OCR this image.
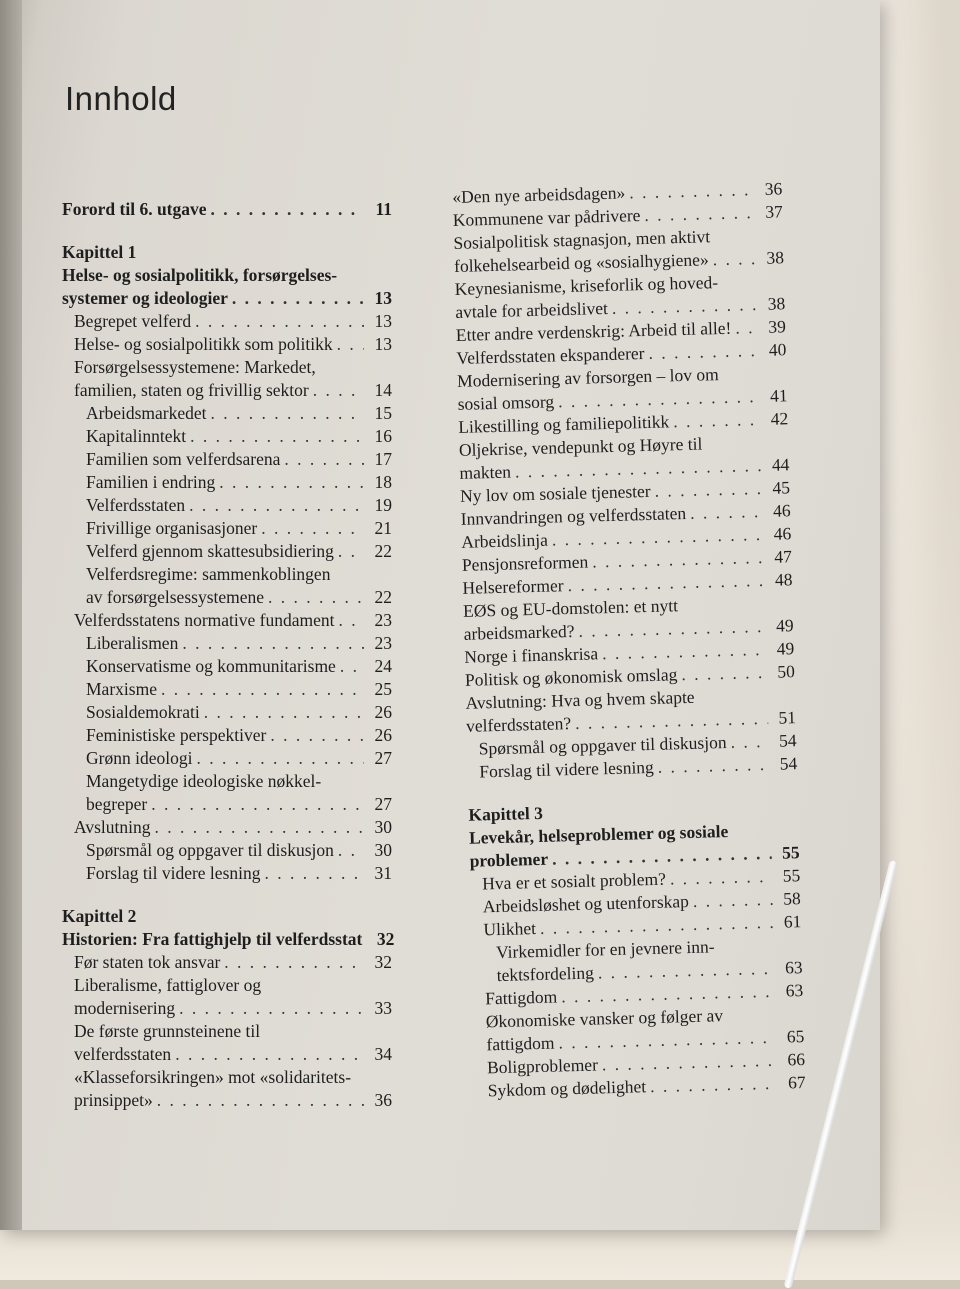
Innhold
Forord til 6. utgave . . .	11
Kapittel 1
Helse- og sosialpolitikk, forsørgelses-
systemer og ideologier . . .	13
Begrepet velferd . . .	13
Helse- og sosialpolitikk som politikk . . .	13
Forsørgelsessystemene: Markedet,
familien, staten og frivillig sektor . . .	14
Arbeidsmarkedet . . .	15
Kapitalinntekt . . .	16
Familien som velferdsarena . . .	17
Familien i endring . . .	18
Velferdsstaten . . .	19
Frivillige organisasjoner . . .	21
Velferd gjennom skattesubsidiering . . .	22
Velferdsregime: sammenkoblingen
av forsørgelsessystemene . . .	22
Velferdsstatens normative fundament . . .	23
Liberalismen . . .	23
Konservatisme og kommunitarisme . . .	24
Marxisme . . .	25
Sosialdemokrati . . .	26
Feministiske perspektiver . . .	26
Grønn ideologi . . .	27
Mangetydige ideologiske nøkkel-
begreper . . .	27
Avslutning . . .	30
Spørsmål og oppgaver til diskusjon . . .	30
Forslag til videre lesning . . .	31
Kapittel 2
Historien: Fra fattighjelp til velferdsstat 32
Før staten tok ansvar . . .	32
Liberalisme, fattiglover og
modernisering . . .	33
De første grunnsteinene til
velferdsstaten . . .	34
«Klasseforsikringen» mot «solidaritets-
prinsippet» . . .	36
«Den nye arbeidsdagen» . . .	36
Kommunene var pådrivere . . .	37
Sosialpolitisk stagnasjon, men aktivt
folkehelsearbeid og «sosialhygiene» . . .	38
Keynesianisme, kriseforlik og hoved-
avtale for arbeidslivet . . .	38
Etter andre verdenskrig: Arbeid til alle! . . .	39
Velferdsstaten ekspanderer . . .	40
Modernisering av forsorgen – lov om
sosial omsorg . . .	41
Likestilling og familiepolitikk . . .	42
Oljekrise, vendepunkt og Høyre til
makten . . .	44
Ny lov om sosiale tjenester . . .	45
Innvandringen og velferdsstaten . . .	46
Arbeidslinja . . .	46
Pensjonsreformen . . .	47
Helsereformer . . .	48
EØS og EU-domstolen: et nytt
arbeidsmarked? . . .	49
Norge i finanskrisa . . .	49
Politisk og økonomisk omslag . . .	50
Avslutning: Hva og hvem skapte
velferdsstaten? . . .	51
Spørsmål og oppgaver til diskusjon . . .	54
Forslag til videre lesning . . .	54
Kapittel 3
Levekår, helseproblemer og sosiale
problemer . . .	55
Hva er et sosialt problem? . . .	55
Arbeidsløshet og utenforskap . . .	58
Ulikhet . . .	61
Virkemidler for en jevnere inn-
tektsfordeling . . .	63
Fattigdom . . .	63
Økonomiske vansker og følger av
fattigdom . . .	65
Boligproblemer . . .	66
Sykdom og dødelighet . . .	67
